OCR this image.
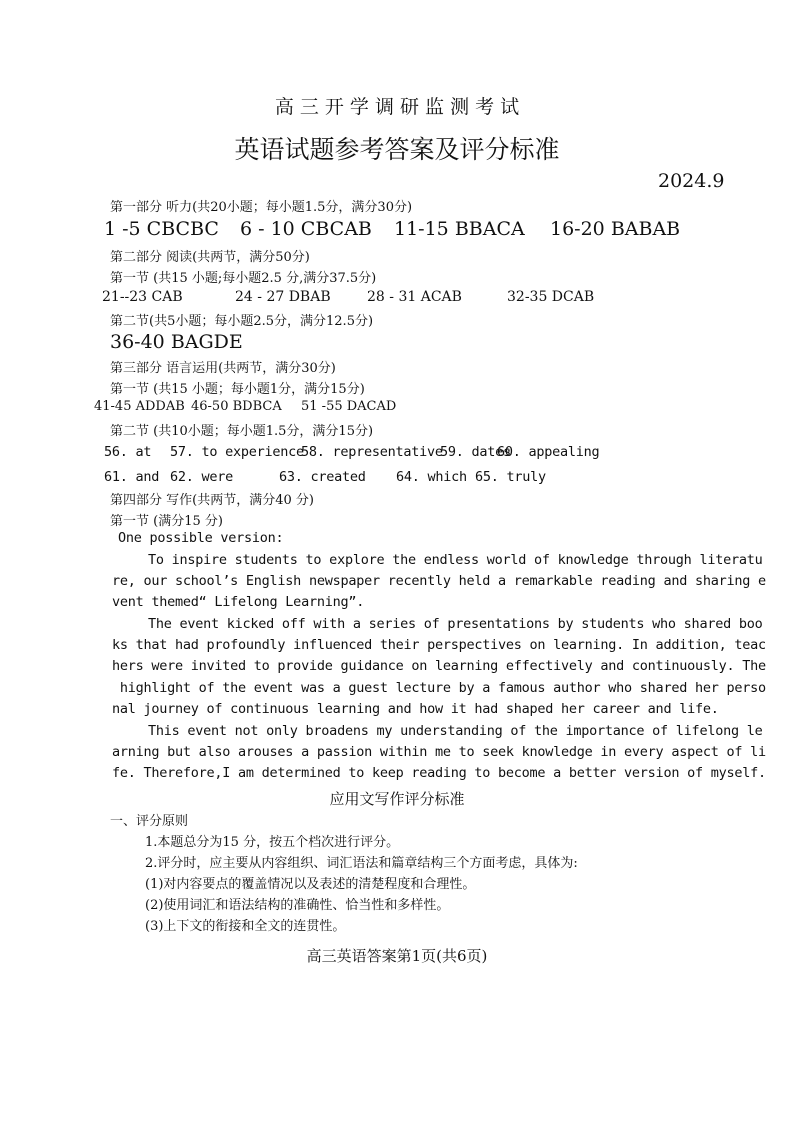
高 三 开 学 调 研 监 测 考 试
英语试题参考答案及评分标准
2024.9
第一部分 听力(共20小题；每小题1.5分，满分30分)
1 -5 CBCBC 6 - 10 CBCAB 11-15 BBACA 16-20 BABAB
第二部分 阅读(共两节，满分50分)
第一节 (共15 小题;每小题2.5 分,满分37.5分)
21--23 CAB	24 - 27 DBAB	28 - 31 ACAB	32-35 DCAB
第二节(共5小题；每小题2.5分，满分12.5分)
36-40 BAGDE
第三部分 语言运用(共两节，满分30分)
第一节 (共15 小题；每小题1分，满分15分)
41-45 ADDAB 46-50 BDBCA 51 -55 DACAD
第二节 (共10小题；每小题1.5分，满分15分)
56. at 57. to experience
58. representative
59. dates
60. appealing
61. and 62. were	63. created 64. which 65. truly
第四部分 写作(共两节，满分40 分)
第一节 (满分15 分)
One possible version:
To inspire students to explore the endless world of knowledge through literatu
re, our school’s English newspaper recently held a remarkable reading and sharing e
vent themed“ Lifelong Learning”.
The event kicked off with a series of presentations by students who shared boo
ks that had profoundly influenced their perspectives on learning. In addition, teac
hers were invited to provide guidance on learning effectively and continuously. The
highlight of the event was a guest lecture by a famous author who shared her perso
nal journey of continuous learning and how it had shaped her career and life.
This event not only broadens my understanding of the importance of lifelong le
arning but also arouses a passion within me to seek knowledge in every aspect of li
fe. Therefore,I am determined to keep reading to become a better version of myself.
应用文写作评分标准
一、评分原则
1.本题总分为15 分，按五个档次进行评分。
2.评分时，应主要从内容组织、词汇语法和篇章结构三个方面考虑，具体为:
(1)对内容要点的覆盖情况以及表述的清楚程度和合理性。
(2)使用词汇和语法结构的准确性、恰当性和多样性。
(3)上下文的衔接和全文的连贯性。
高三英语答案第1页(共6页)
